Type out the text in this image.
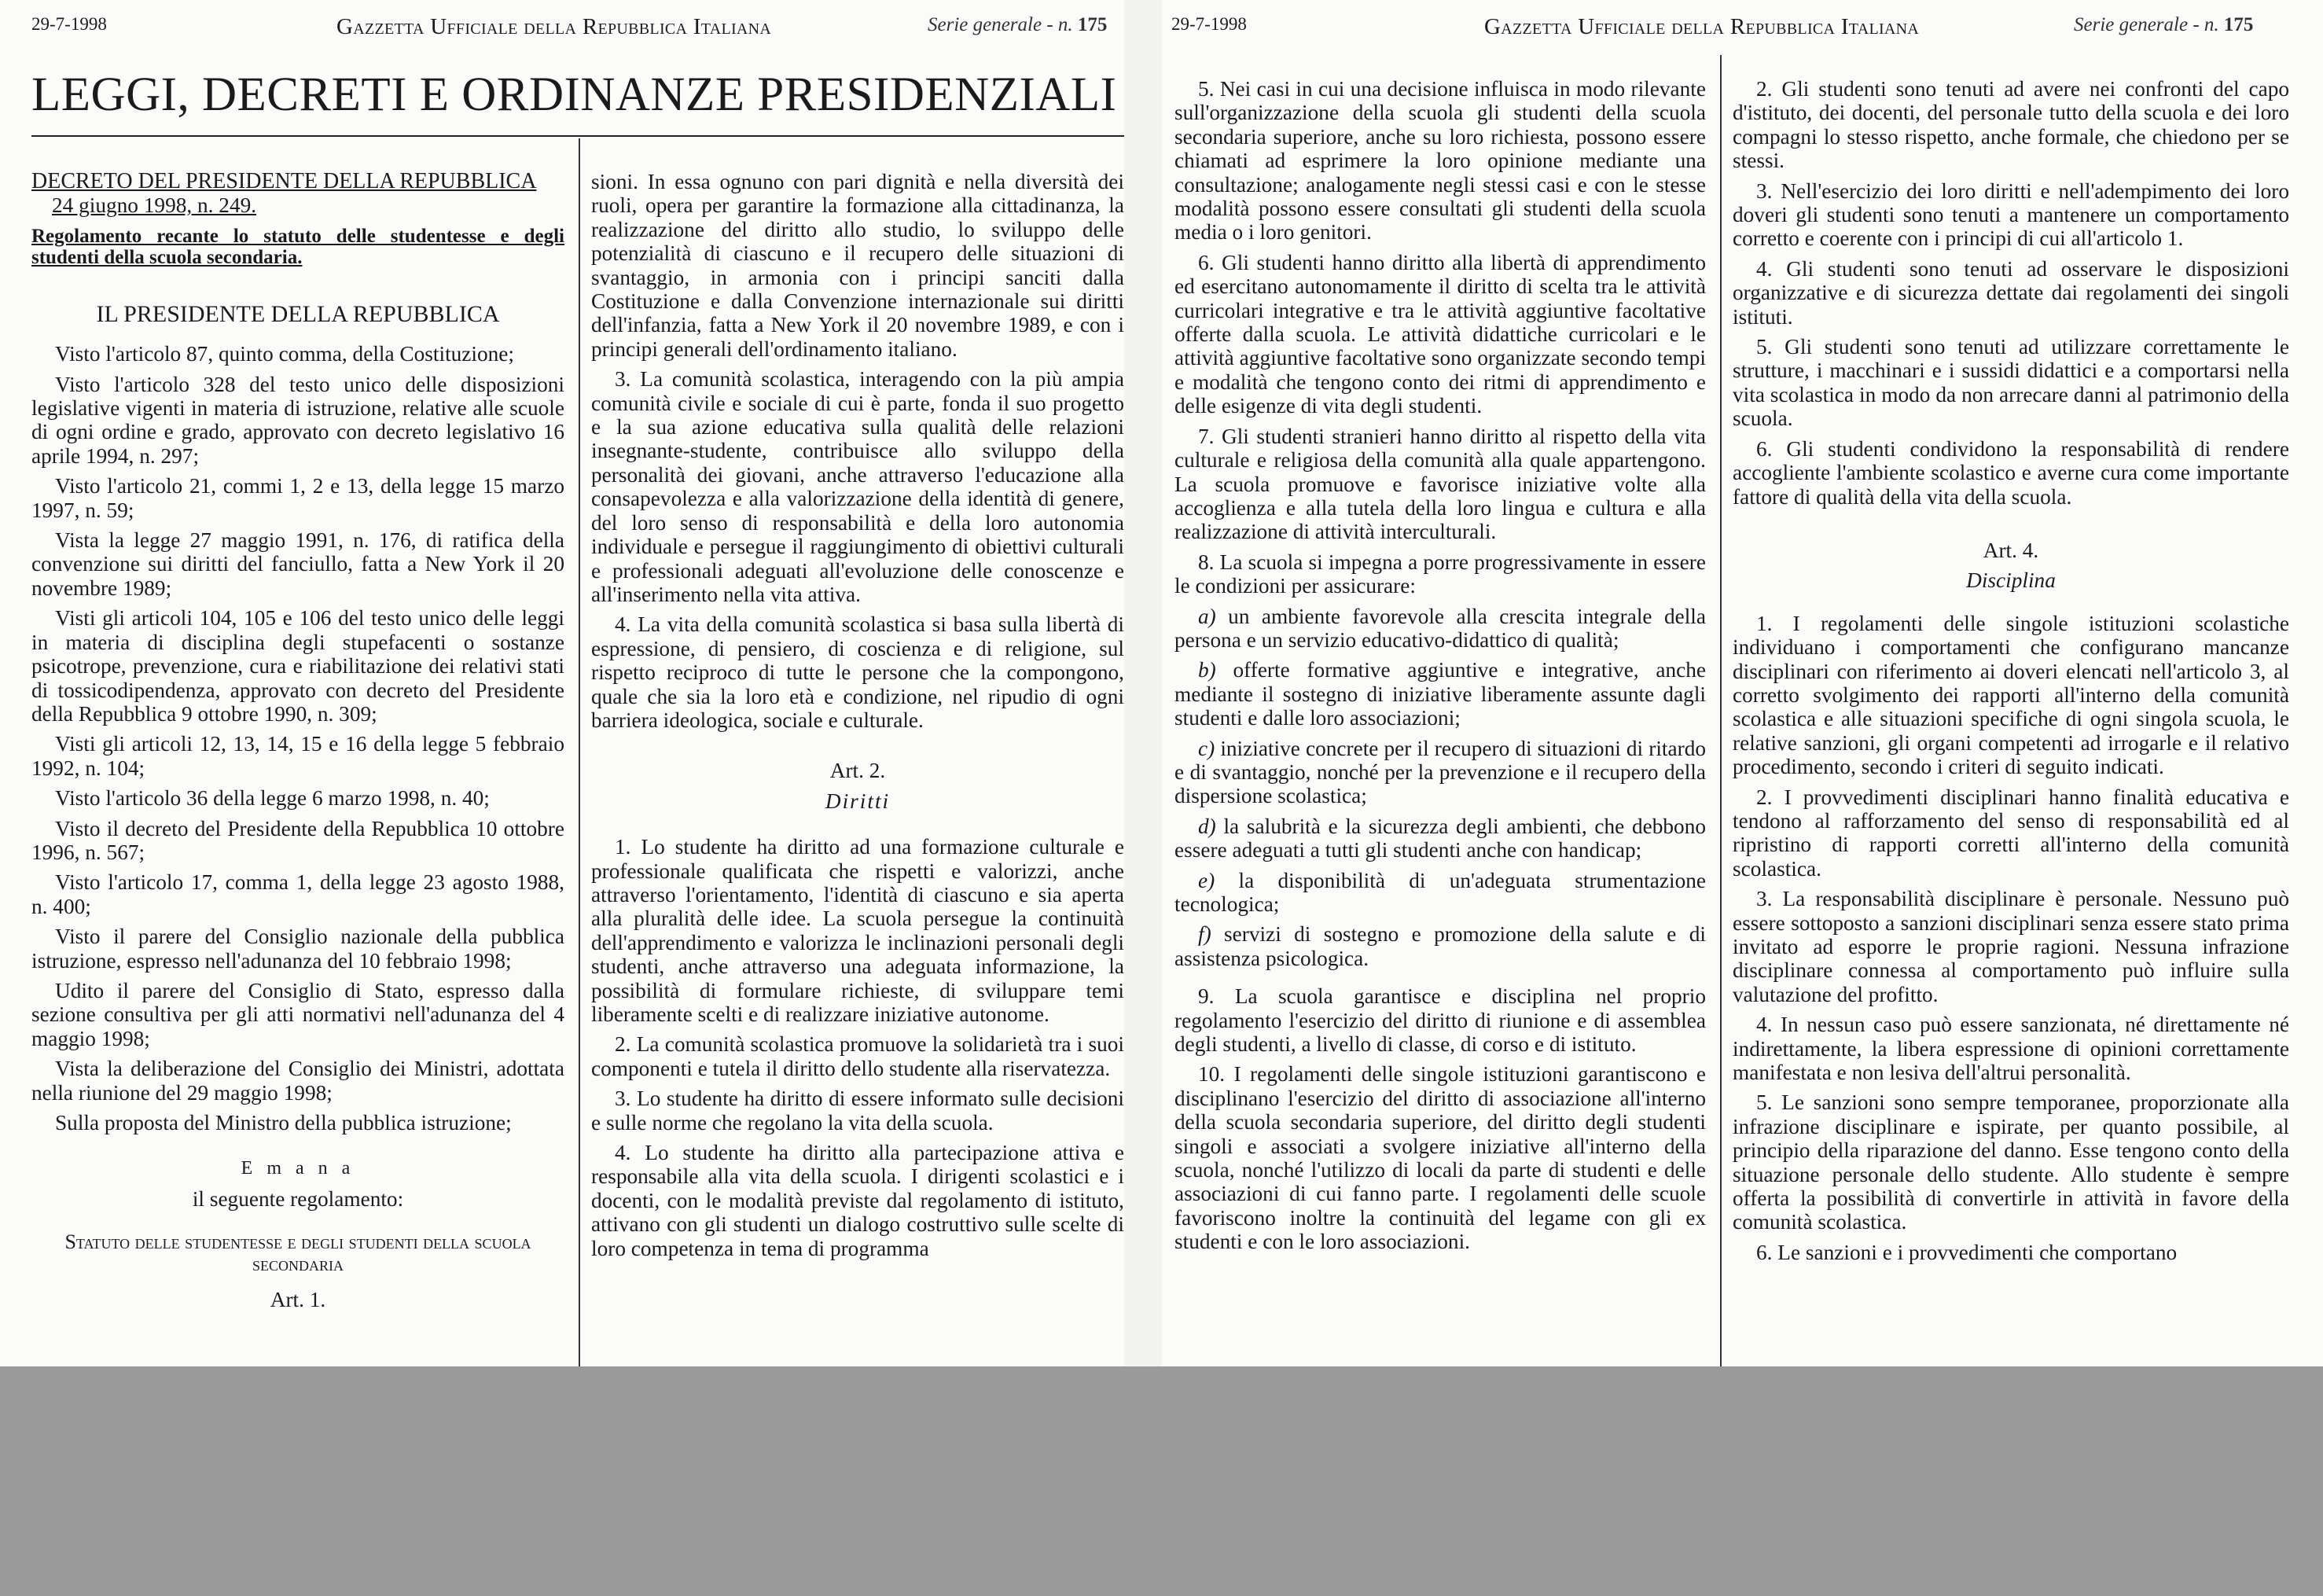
29-7-1998	Gazzetta Ufficiale della Repubblica Italiana	Serie generale - n. 175
LEGGI, DECRETI E ORDINANZE PRESIDENZIALI

DECRETO DEL PRESIDENTE DELLA REPUBBLICA

24 giugno 1998, n. 249.

Regolamento recante lo statuto delle studentesse e degli studenti della scuola secondaria.

IL PRESIDENTE DELLA REPUBBLICA

Visto l'articolo 87, quinto comma, della Costituzione;

Visto l'articolo 328 del testo unico delle disposizioni legislative vigenti in materia di istruzione, relative alle scuole di ogni ordine e grado, approvato con decreto legislativo 16 aprile 1994, n. 297;

Visto l'articolo 21, commi 1, 2 e 13, della legge 15 marzo 1997, n. 59;

Vista la legge 27 maggio 1991, n. 176, di ratifica della convenzione sui diritti del fanciullo, fatta a New York il 20 novembre 1989;

Visti gli articoli 104, 105 e 106 del testo unico delle leggi in materia di disciplina degli stupefacenti o sostanze psicotrope, prevenzione, cura e riabilitazione dei relativi stati di tossicodipendenza, approvato con decreto del Presidente della Repubblica 9 ottobre 1990, n. 309;

Visti gli articoli 12, 13, 14, 15 e 16 della legge 5 febbraio 1992, n. 104;

Visto l'articolo 36 della legge 6 marzo 1998, n. 40;

Visto il decreto del Presidente della Repubblica 10 ottobre 1996, n. 567;

Visto l'articolo 17, comma 1, della legge 23 agosto 1988, n. 400;

Visto il parere del Consiglio nazionale della pubblica istruzione, espresso nell'adunanza del 10 febbraio 1998;

Udito il parere del Consiglio di Stato, espresso dalla sezione consultiva per gli atti normativi nell'adunanza del 4 maggio 1998;

Vista la deliberazione del Consiglio dei Ministri, adottata nella riunione del 29 maggio 1998;

Sulla proposta del Ministro della pubblica istruzione;

E m a n a

il seguente regolamento:

Statuto delle studentesse e degli studenti della scuola secondaria

Art. 1.

sioni. In essa ognuno con pari dignità e nella diversità dei ruoli, opera per garantire la formazione alla cittadinanza, la realizzazione del diritto allo studio, lo sviluppo delle potenzialità di ciascuno e il recupero delle situazioni di svantaggio, in armonia con i principi sanciti dalla Costituzione e dalla Convenzione internazionale sui diritti dell'infanzia, fatta a New York il 20 novembre 1989, e con i principi generali dell'ordinamento italiano.

3. La comunità scolastica, interagendo con la più ampia comunità civile e sociale di cui è parte, fonda il suo progetto e la sua azione educativa sulla qualità delle relazioni insegnante-studente, contribuisce allo sviluppo della personalità dei giovani, anche attraverso l'educazione alla consapevolezza e alla valorizzazione della identità di genere, del loro senso di responsabilità e della loro autonomia individuale e persegue il raggiungimento di obiettivi culturali e professionali adeguati all'evoluzione delle conoscenze e all'inserimento nella vita attiva.

4. La vita della comunità scolastica si basa sulla libertà di espressione, di pensiero, di coscienza e di religione, sul rispetto reciproco di tutte le persone che la compongono, quale che sia la loro età e condizione, nel ripudio di ogni barriera ideologica, sociale e culturale.

Art. 2.

Diritti

1. Lo studente ha diritto ad una formazione culturale e professionale qualificata che rispetti e valorizzi, anche attraverso l'orientamento, l'identità di ciascuno e sia aperta alla pluralità delle idee. La scuola persegue la continuità dell'apprendimento e valorizza le inclinazioni personali degli studenti, anche attraverso una adeguata informazione, la possibilità di formulare richieste, di sviluppare temi liberamente scelti e di realizzare iniziative autonome.

2. La comunità scolastica promuove la solidarietà tra i suoi componenti e tutela il diritto dello studente alla riservatezza.

3. Lo studente ha diritto di essere informato sulle decisioni e sulle norme che regolano la vita della scuola.

4. Lo studente ha diritto alla partecipazione attiva e responsabile alla vita della scuola. I dirigenti scolastici e i docenti, con le modalità previste dal regolamento di istituto, attivano con gli studenti un dialogo costruttivo sulle scelte di loro competenza in tema di programma

29-7-1998	Gazzetta Ufficiale della Repubblica Italiana	Serie generale - n. 175

5. Nei casi in cui una decisione influisca in modo rilevante sull'organizzazione della scuola gli studenti della scuola secondaria superiore, anche su loro richiesta, possono essere chiamati ad esprimere la loro opinione mediante una consultazione; analogamente negli stessi casi e con le stesse modalità possono essere consultati gli studenti della scuola media o i loro genitori.

6. Gli studenti hanno diritto alla libertà di apprendimento ed esercitano autonomamente il diritto di scelta tra le attività curricolari integrative e tra le attività aggiuntive facoltative offerte dalla scuola. Le attività didattiche curricolari e le attività aggiuntive facoltative sono organizzate secondo tempi e modalità che tengono conto dei ritmi di apprendimento e delle esigenze di vita degli studenti.

7. Gli studenti stranieri hanno diritto al rispetto della vita culturale e religiosa della comunità alla quale appartengono. La scuola promuove e favorisce iniziative volte alla accoglienza e alla tutela della loro lingua e cultura e alla realizzazione di attività interculturali.

8. La scuola si impegna a porre progressivamente in essere le condizioni per assicurare:

a) un ambiente favorevole alla crescita integrale della persona e un servizio educativo-didattico di qualità;

b) offerte formative aggiuntive e integrative, anche mediante il sostegno di iniziative liberamente assunte dagli studenti e dalle loro associazioni;

c) iniziative concrete per il recupero di situazioni di ritardo e di svantaggio, nonché per la prevenzione e il recupero della dispersione scolastica;

d) la salubrità e la sicurezza degli ambienti, che debbono essere adeguati a tutti gli studenti anche con handicap;

e) la disponibilità di un'adeguata strumentazione tecnologica;

f) servizi di sostegno e promozione della salute e di assistenza psicologica.

9. La scuola garantisce e disciplina nel proprio regolamento l'esercizio del diritto di riunione e di assemblea degli studenti, a livello di classe, di corso e di istituto.

10. I regolamenti delle singole istituzioni garantiscono e disciplinano l'esercizio del diritto di associazione all'interno della scuola secondaria superiore, del diritto degli studenti singoli e associati a svolgere iniziative all'interno della scuola, nonché l'utilizzo di locali da parte di studenti e delle associazioni di cui fanno parte. I regolamenti delle scuole favoriscono inoltre la continuità del legame con gli ex studenti e con le loro associazioni.

2. Gli studenti sono tenuti ad avere nei confronti del capo d'istituto, dei docenti, del personale tutto della scuola e dei loro compagni lo stesso rispetto, anche formale, che chiedono per se stessi.

3. Nell'esercizio dei loro diritti e nell'adempimento dei loro doveri gli studenti sono tenuti a mantenere un comportamento corretto e coerente con i principi di cui all'articolo 1.

4. Gli studenti sono tenuti ad osservare le disposizioni organizzative e di sicurezza dettate dai regolamenti dei singoli istituti.

5. Gli studenti sono tenuti ad utilizzare correttamente le strutture, i macchinari e i sussidi didattici e a comportarsi nella vita scolastica in modo da non arrecare danni al patrimonio della scuola.

6. Gli studenti condividono la responsabilità di rendere accogliente l'ambiente scolastico e averne cura come importante fattore di qualità della vita della scuola.

Art. 4.

Disciplina

1. I regolamenti delle singole istituzioni scolastiche individuano i comportamenti che configurano mancanze disciplinari con riferimento ai doveri elencati nell'articolo 3, al corretto svolgimento dei rapporti all'interno della comunità scolastica e alle situazioni specifiche di ogni singola scuola, le relative sanzioni, gli organi competenti ad irrogarle e il relativo procedimento, secondo i criteri di seguito indicati.

2. I provvedimenti disciplinari hanno finalità educativa e tendono al rafforzamento del senso di responsabilità ed al ripristino di rapporti corretti all'interno della comunità scolastica.

3. La responsabilità disciplinare è personale. Nessuno può essere sottoposto a sanzioni disciplinari senza essere stato prima invitato ad esporre le proprie ragioni. Nessuna infrazione disciplinare connessa al comportamento può influire sulla valutazione del profitto.

4. In nessun caso può essere sanzionata, né direttamente né indirettamente, la libera espressione di opinioni correttamente manifestata e non lesiva dell'altrui personalità.

5. Le sanzioni sono sempre temporanee, proporzionate alla infrazione disciplinare e ispirate, per quanto possibile, al principio della riparazione del danno. Esse tengono conto della situazione personale dello studente. Allo studente è sempre offerta la possibilità di convertirle in attività in favore della comunità scolastica.

6. Le sanzioni e i provvedimenti che comportano
